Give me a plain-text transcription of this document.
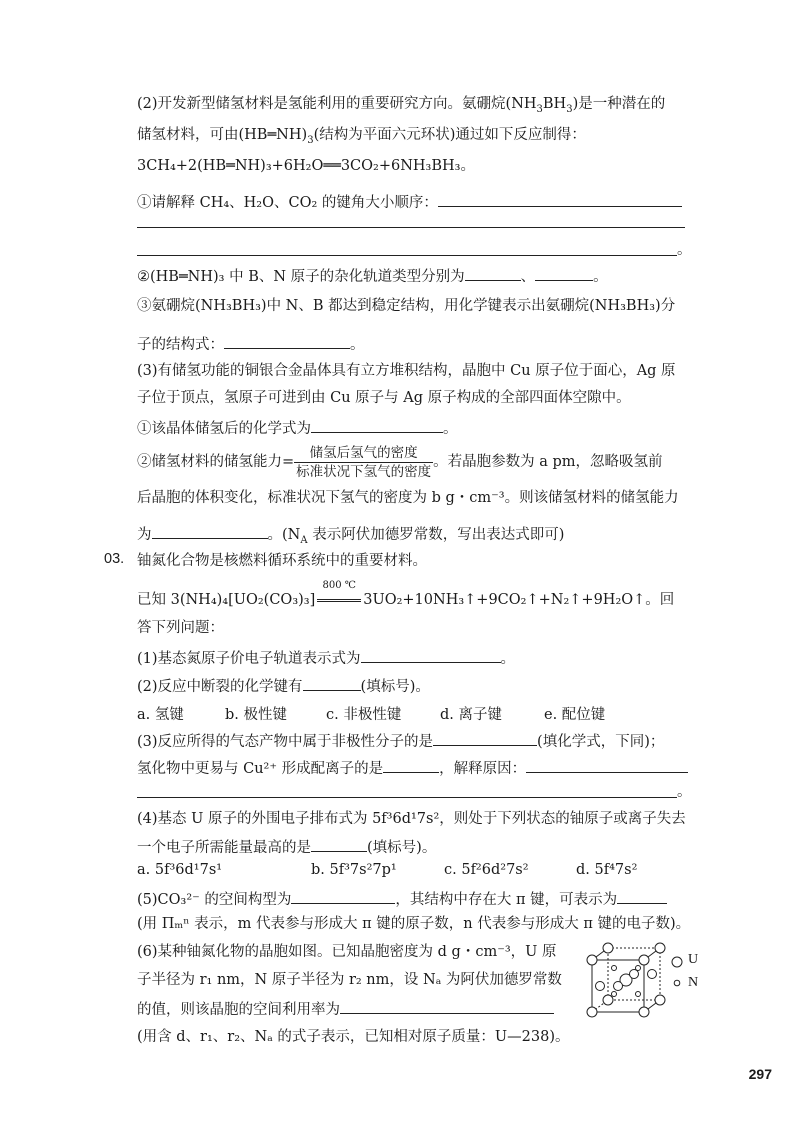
(2)开发新型储氢材料是氢能利用的重要研究方向。氨硼烷$(NH_3BH_3)$是一种潜在的
储氢材料，可由$(HB═NH)_3$(结构为平面六元环状)通过如下反应制得：
3CH₄+2(HB═NH)₃+6H₂O══3CO₂+6NH₃BH₃。
①请解释 CH₄、H₂O、CO₂ 的键角大小顺序：
。
②(HB═NH)₃ 中 B、N 原子的杂化轨道类型分别为	、	。
③氨硼烷(NH₃BH₃)中 N、B 都达到稳定结构，用化学键表示出氨硼烷(NH₃BH₃)分
子的结构式：	。
(3)有储氢功能的铜银合金晶体具有立方堆积结构，晶胞中 Cu 原子位于面心，Ag 原
子位于顶点，氢原子可进到由 Cu 原子与 Ag 原子构成的全部四面体空隙中。
①该晶体储氢后的化学式为	。
②储氢材料的储氢能力= $\frac{\text{储氢后氢气的密度}}{\text{标准状况下氢气的密度}}$ 。若晶胞参数为 a pm，忽略吸氢前
后晶胞的体积变化，标准状况下氢气的密度为 b g・cm⁻³。则该储氢材料的储氢能力
为	。($N_A$ 表示阿伏加德罗常数，写出表达式即可)
03. 铀氮化合物是核燃料循环系统中的重要材料。
已知 3(NH₄)₄[UO₂(CO₃)₃]
800 ℃
3UO₂+10NH₃↑+9CO₂↑+N₂↑+9H₂O↑。回
答下列问题：
(1)基态氮原子价电子轨道表示式为	。
(2)反应中断裂的化学键有	(填标号)。
a. 氢键	b. 极性键	c. 非极性键	d. 离子键	e. 配位键
(3)反应所得的气态产物中属于非极性分子的是	(填化学式，下同)；
氢化物中更易与 Cu²⁺ 形成配离子的是	，解释原因：
。
(4)基态 U 原子的外围电子排布式为 5f³6d¹7s²，则处于下列状态的铀原子或离子失去
一个电子所需能量最高的是	(填标号)。
a. 5f³6d¹7s¹	b. 5f³7s²7p¹	c. 5f²6d²7s²	d. 5f⁴7s²
(5)CO₃²⁻ 的空间构型为	，其结构中存在大 π 键，可表示为
(用 Πₘⁿ 表示，m 代表参与形成大 π 键的原子数，n 代表参与形成大 π 键的电子数)。
(6)某种铀氮化物的晶胞如图。已知晶胞密度为 d g・cm⁻³，U 原
子半径为 r₁ nm，N 原子半径为 r₂ nm，设 Nₐ 为阿伏加德罗常数
的值，则该晶胞的空间利用率为
(用含 d、r₁、r₂、Nₐ 的式子表示，已知相对原子质量：U—238)。
U
N
297
